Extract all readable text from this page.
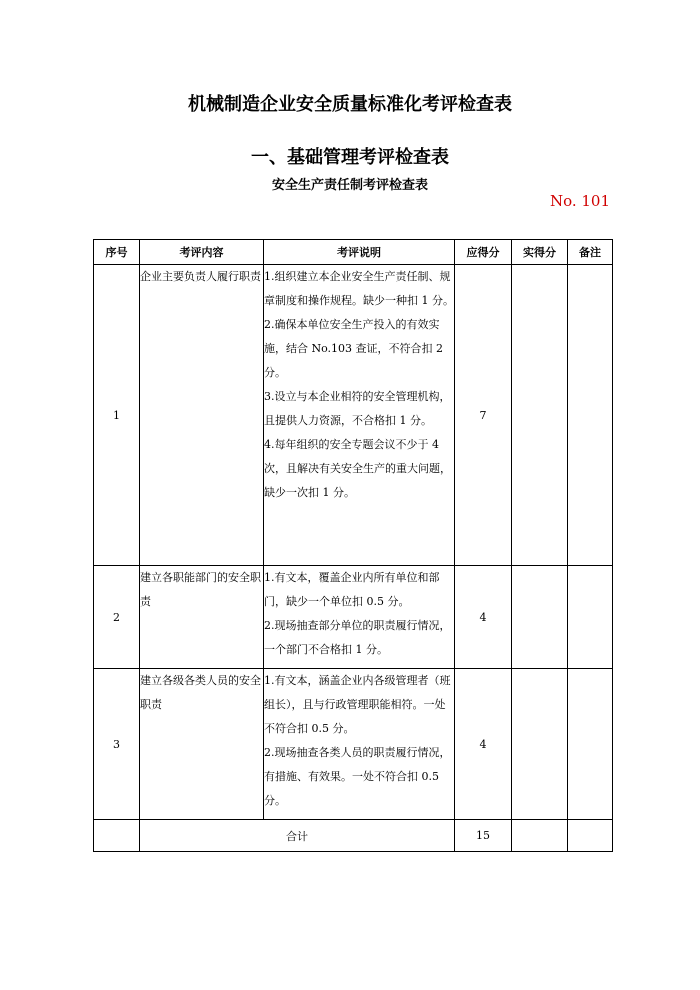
机械制造企业安全质量标准化考评检查表
一、基础管理考评检查表
安全生产责任制考评检查表
No. 101
序号	考评内容	考评说明	应得分	实得分	备注
1	企业主要负责人履行职责	1.组织建立本企业安全生产责任制、规章制度和操作规程。缺少一种扣 1 分。

2.确保本单位安全生产投入的有效实施，结合 No.103 查证，不符合扣 2 分。

3.设立与本企业相符的安全管理机构，且提供人力资源，不合格扣 1 分。

4.每年组织的安全专题会议不少于 4 次，且解决有关安全生产的重大问题，缺少一次扣 1 分。	7		
2	建立各职能部门的安全职责	1.有文本，覆盖企业内所有单位和部门，缺少一个单位扣 0.5 分。

2.现场抽查部分单位的职责履行情况，一个部门不合格扣 1 分。	4		
3	建立各级各类人员的安全职责	1.有文本，涵盖企业内各级管理者（班组长），且与行政管理职能相符。一处不符合扣 0.5 分。

2.现场抽查各类人员的职责履行情况，有措施、有效果。一处不符合扣 0.5 分。	4		
	合计		15		
